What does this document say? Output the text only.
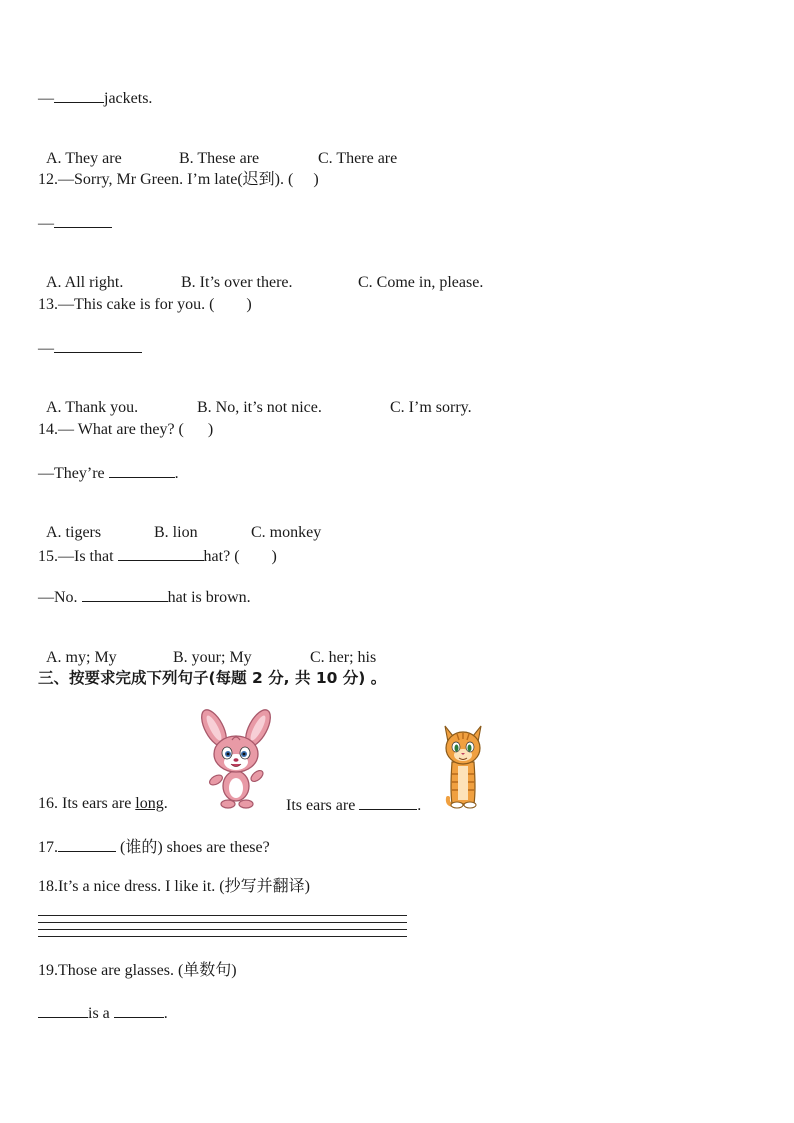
—	jackets.

A. They are	B. These are	C. There are

12.—Sorry, Mr Green. I’m late(迟到). (     )
—

A. All right.	B. It’s over there.	C. Come in, please.

13.—This cake is for you. (        )
—

A. Thank you.	B. No, it’s not nice.	C. I’m sorry.

14.— What are they? (      )
—They’re	.

A. tigers	B. lion	C. monkey

15.—Is that	hat? (        )
—No.	hat is brown.

A. my; My	B. your; My	C. her; his

三、按要求完成下列句子(每题 2 分, 共 10 分) 。
16. Its ears are long.	Its ears are	.
17.	(谁的) shoes are these?
18.It’s a nice dress. I like it. (抄写并翻译)
19.Those are glasses. (单数句)
is a	.
